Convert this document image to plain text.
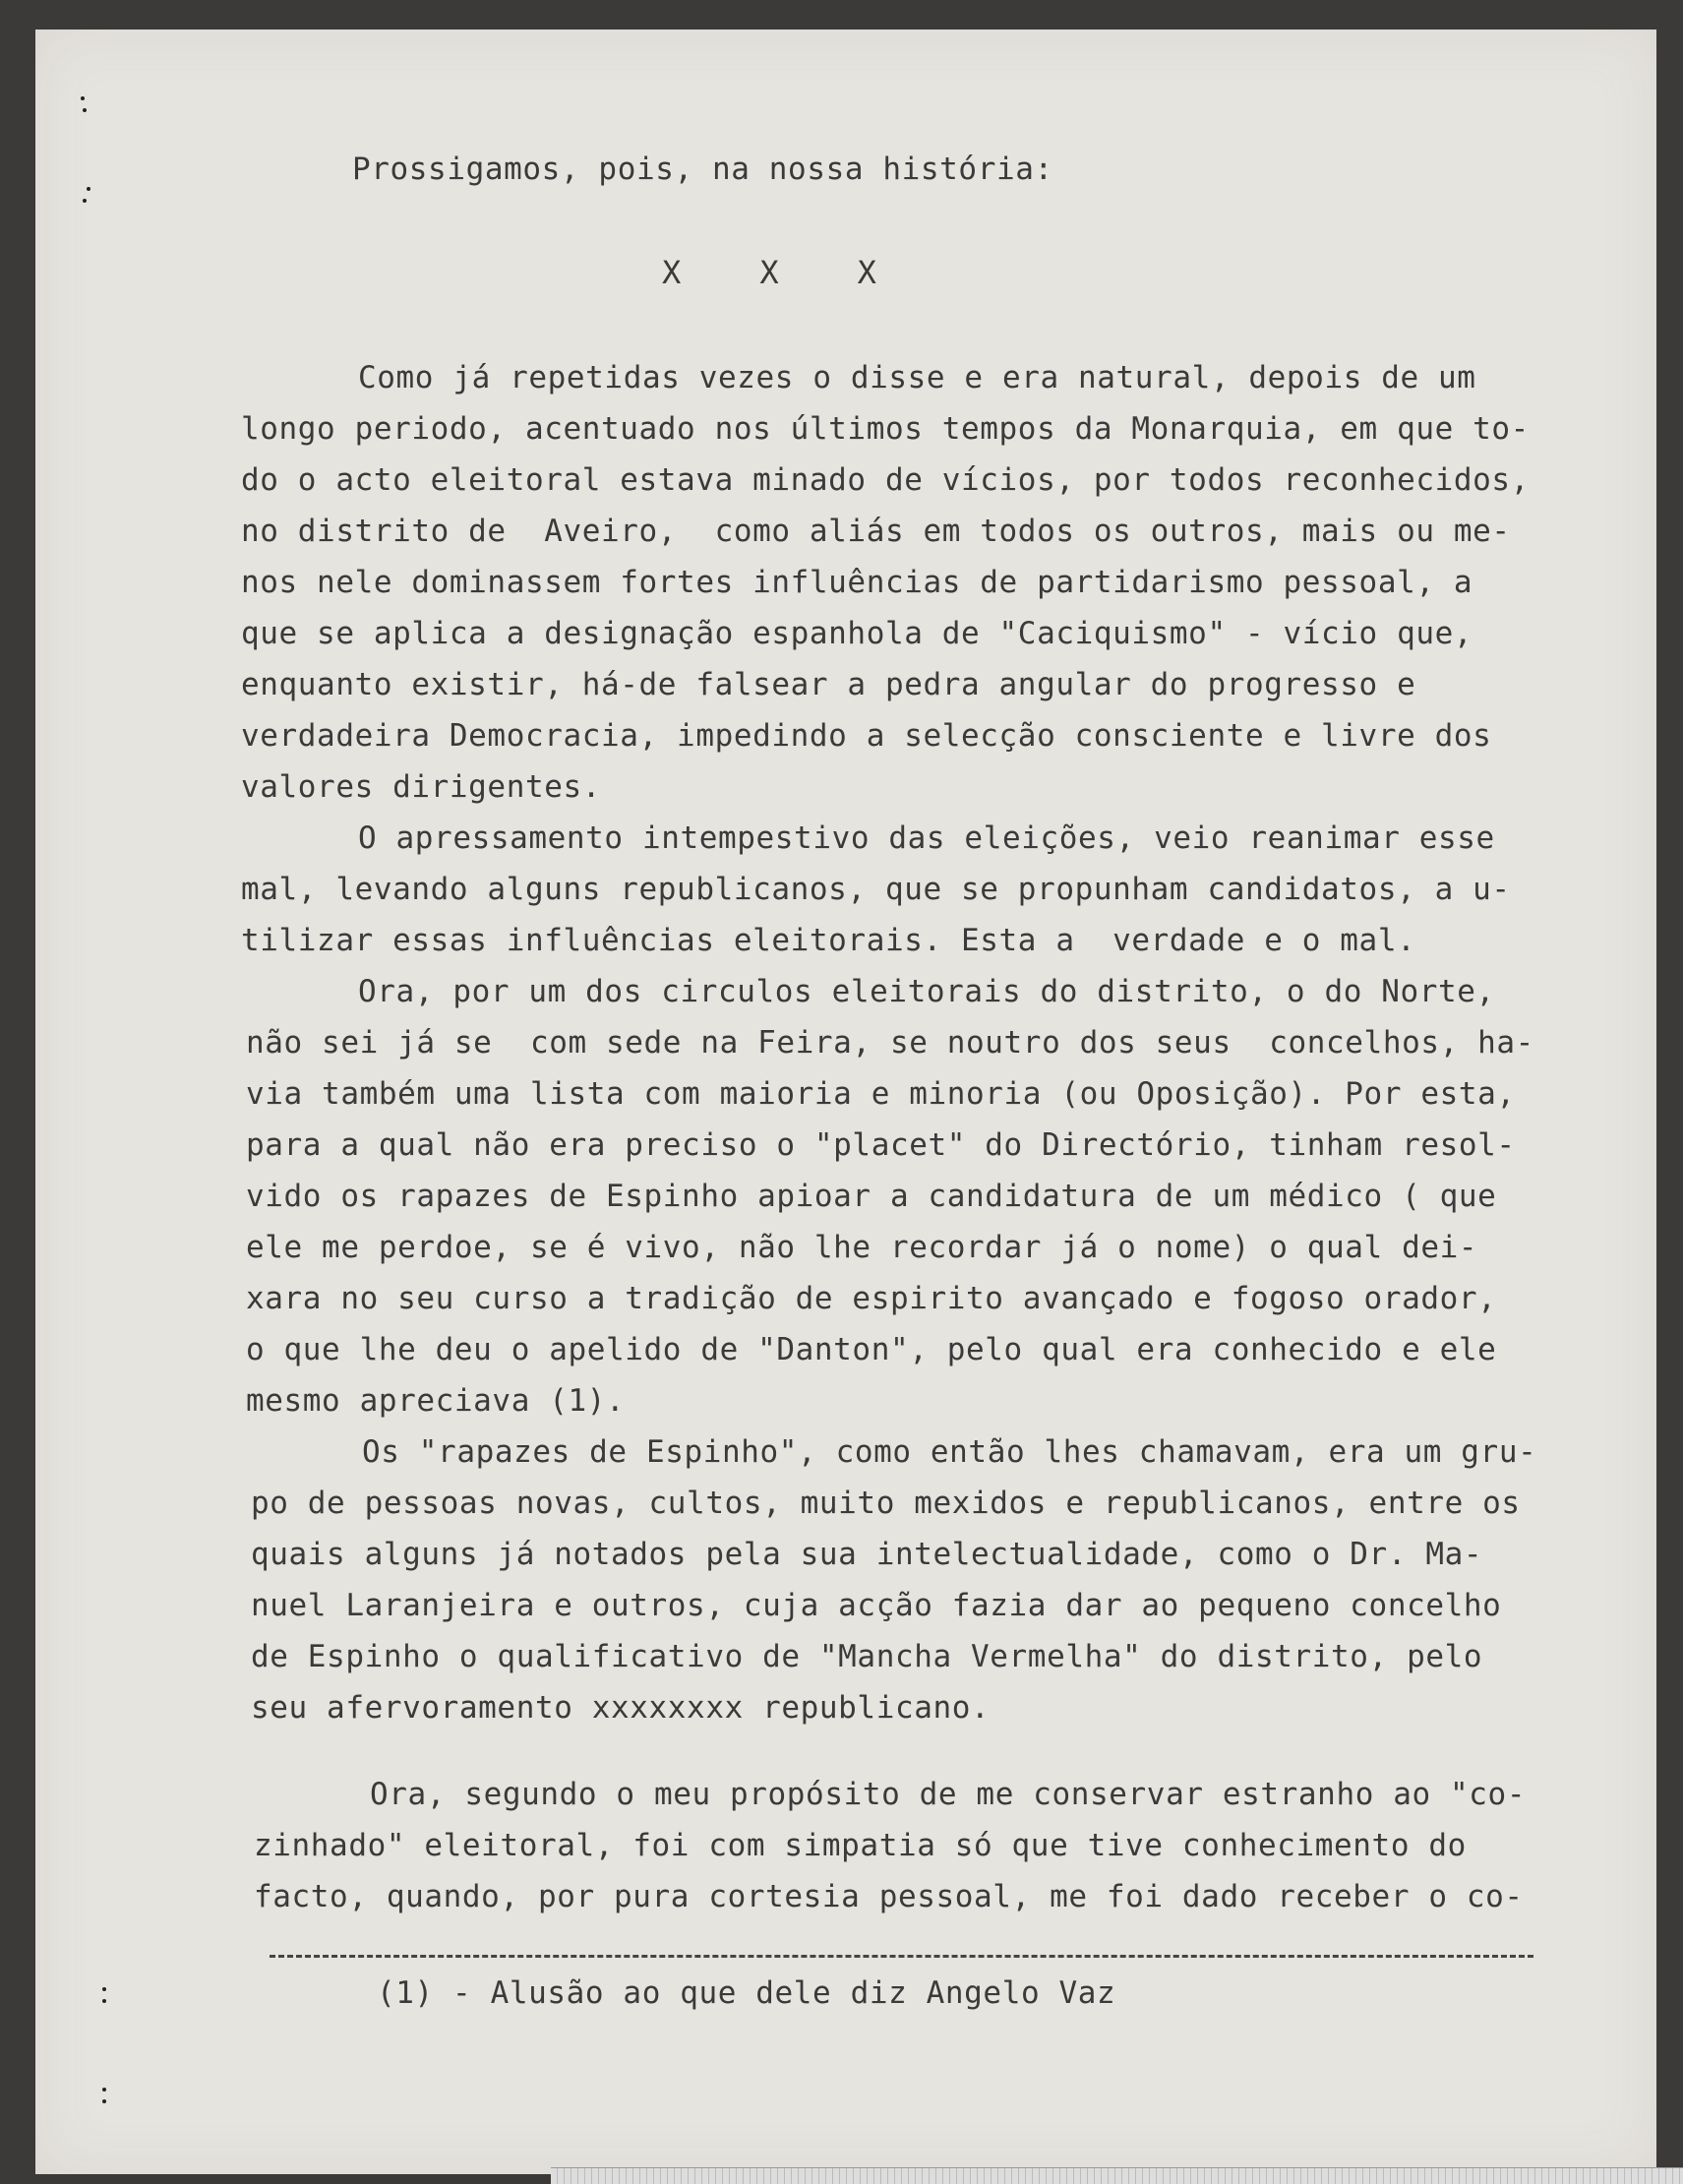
Prossigamos, pois, na nossa história:
X    X    X
Como já repetidas vezes o disse e era natural, depois de um
longo periodo, acentuado nos últimos tempos da Monarquia, em que to-
do o acto eleitoral estava minado de vícios, por todos reconhecidos,
no distrito de  Aveiro,  como aliás em todos os outros, mais ou me-
nos nele dominassem fortes influências de partidarismo pessoal, a
que se aplica a designação espanhola de "Caciquismo" - vício que,
enquanto existir, há-de falsear a pedra angular do progresso e
verdadeira Democracia, impedindo a selecção consciente e livre dos
valores dirigentes.
O apressamento intempestivo das eleições, veio reanimar esse
mal, levando alguns republicanos, que se propunham candidatos, a u-
tilizar essas influências eleitorais. Esta a  verdade e o mal.
Ora, por um dos circulos eleitorais do distrito, o do Norte,
não sei já se  com sede na Feira, se noutro dos seus  concelhos, ha-
via também uma lista com maioria e minoria (ou Oposição). Por esta,
para a qual não era preciso o "placet" do Directório, tinham resol-
vido os rapazes de Espinho apioar a candidatura de um médico ( que
ele me perdoe, se é vivo, não lhe recordar já o nome) o qual dei-
xara no seu curso a tradição de espirito avançado e fogoso orador,
o que lhe deu o apelido de "Danton", pelo qual era conhecido e ele
mesmo apreciava (1).
Os "rapazes de Espinho", como então lhes chamavam, era um gru-
po de pessoas novas, cultos, muito mexidos e republicanos, entre os
quais alguns já notados pela sua intelectualidade, como o Dr. Ma-
nuel Laranjeira e outros, cuja acção fazia dar ao pequeno concelho
de Espinho o qualificativo de "Mancha Vermelha" do distrito, pelo
seu afervoramento xxxxxxxx republicano.
Ora, segundo o meu propósito de me conservar estranho ao "co-
zinhado" eleitoral, foi com simpatia só que tive conhecimento do
facto, quando, por pura cortesia pessoal, me foi dado receber o co-
(1) - Alusão ao que dele diz Angelo Vaz
